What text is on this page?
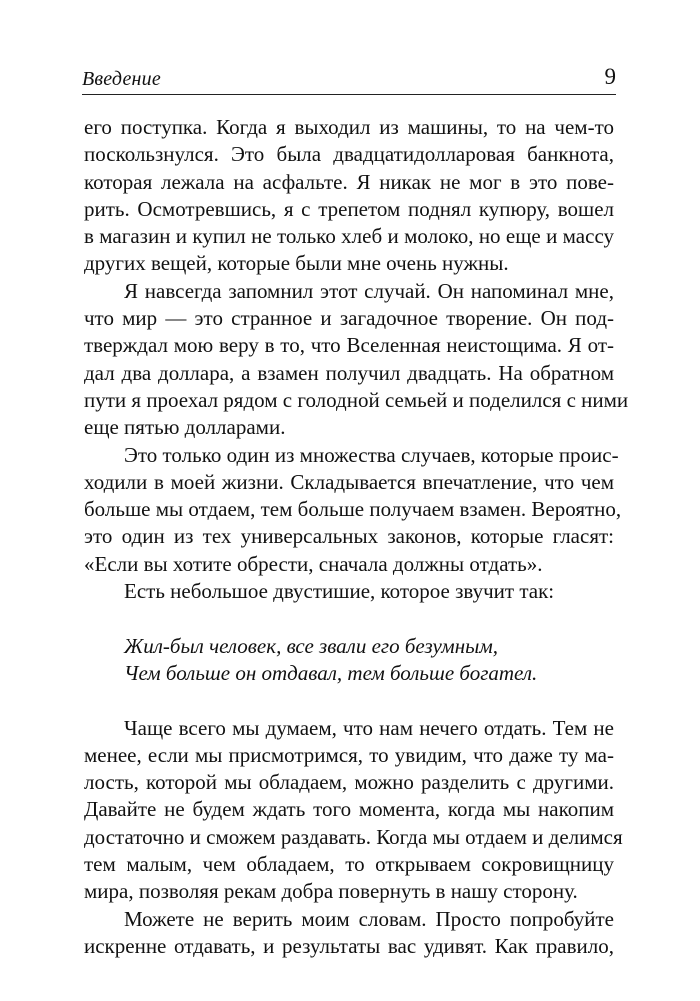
Введение	9
его поступка. Когда я выходил из машины, то на чем-то
поскользнулся. Это была двадцатидолларовая банкнота,
которая лежала на асфальте. Я никак не мог в это пове-
рить. Осмотревшись, я с трепетом поднял купюру, вошел
в магазин и купил не только хлеб и молоко, но еще и массу
других вещей, которые были мне очень нужны.
Я навсегда запомнил этот случай. Он напоминал мне,
что мир — это странное и загадочное творение. Он под-
тверждал мою веру в то, что Вселенная неистощима. Я от-
дал два доллара, а взамен получил двадцать. На обратном
пути я проехал рядом с голодной семьей и поделился с ними
еще пятью долларами.
Это только один из множества случаев, которые проис-
ходили в моей жизни. Складывается впечатление, что чем
больше мы отдаем, тем больше получаем взамен. Вероятно,
это один из тех универсальных законов, которые гласят:
«Если вы хотите обрести, сначала должны отдать».
Есть небольшое двустишие, которое звучит так:
Жил-был человек, все звали его безумным,
Чем больше он отдавал, тем больше богател.
Чаще всего мы думаем, что нам нечего отдать. Тем не
менее, если мы присмотримся, то увидим, что даже ту ма-
лость, которой мы обладаем, можно разделить с другими.
Давайте не будем ждать того момента, когда мы накопим
достаточно и сможем раздавать. Когда мы отдаем и делимся
тем малым, чем обладаем, то открываем сокровищницу
мира, позволяя рекам добра повернуть в нашу сторону.
Можете не верить моим словам. Просто попробуйте
искренне отдавать, и результаты вас удивят. Как правило,
